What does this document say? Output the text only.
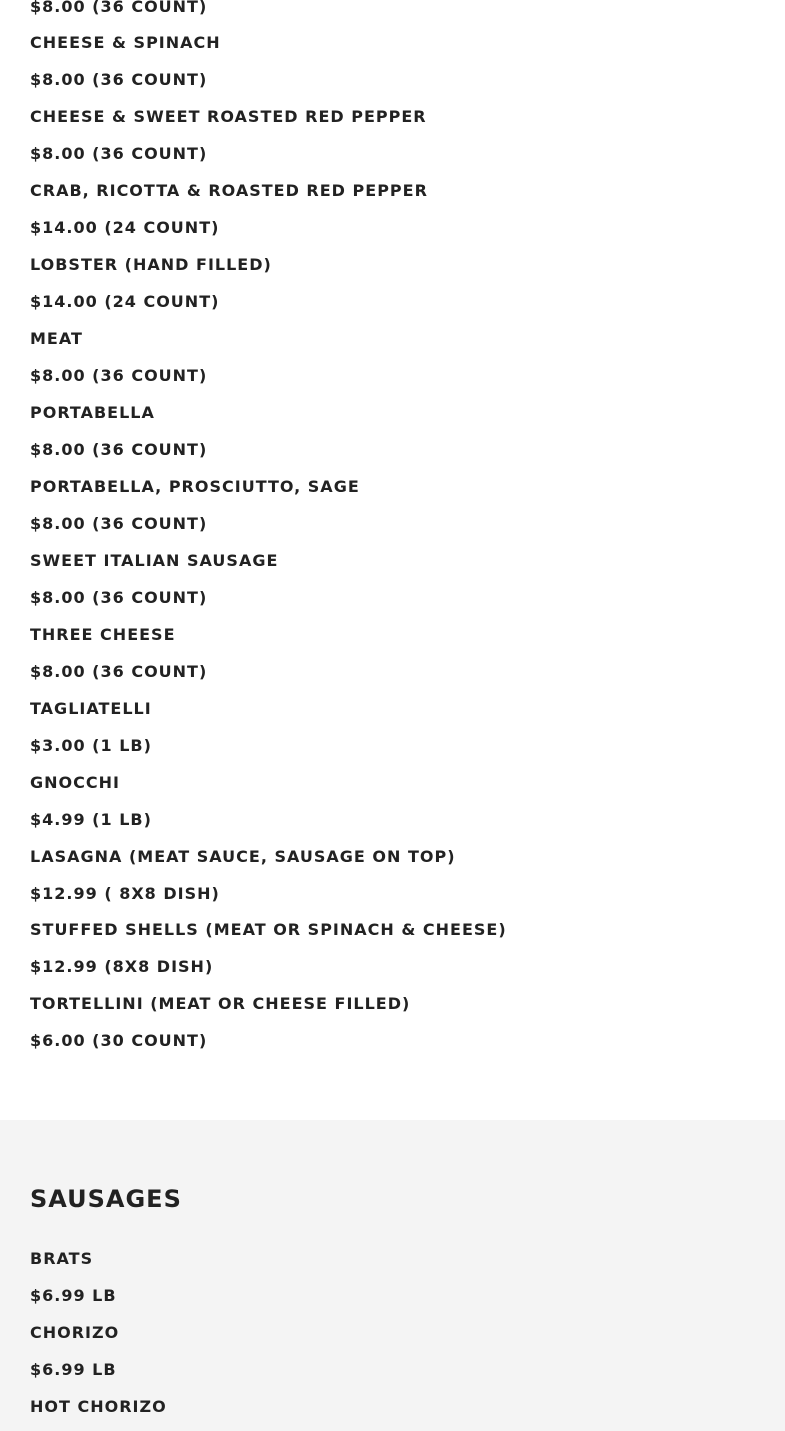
$8.00 (36 COUNT)
CHEESE & SPINACH
$8.00 (36 COUNT)
CHEESE & SWEET ROASTED RED PEPPER
$8.00 (36 COUNT)
CRAB, RICOTTA & ROASTED RED PEPPER
$14.00 (24 COUNT)
LOBSTER (HAND FILLED)
$14.00 (24 COUNT)
MEAT
$8.00 (36 COUNT)
PORTABELLA
$8.00 (36 COUNT)
PORTABELLA, PROSCIUTTO, SAGE
$8.00 (36 COUNT)
SWEET ITALIAN SAUSAGE
$8.00 (36 COUNT)
THREE CHEESE
$8.00 (36 COUNT)
TAGLIATELLI
$3.00 (1 LB)
GNOCCHI
$4.99 (1 LB)
LASAGNA (MEAT SAUCE, SAUSAGE ON TOP)
$12.99 ( 8X8 DISH)
STUFFED SHELLS (MEAT OR SPINACH & CHEESE)
$12.99 (8X8 DISH)
TORTELLINI (MEAT OR CHEESE FILLED)
$6.00 (30 COUNT)
SAUSAGES
BRATS
$6.99 LB
CHORIZO
$6.99 LB
HOT CHORIZO
